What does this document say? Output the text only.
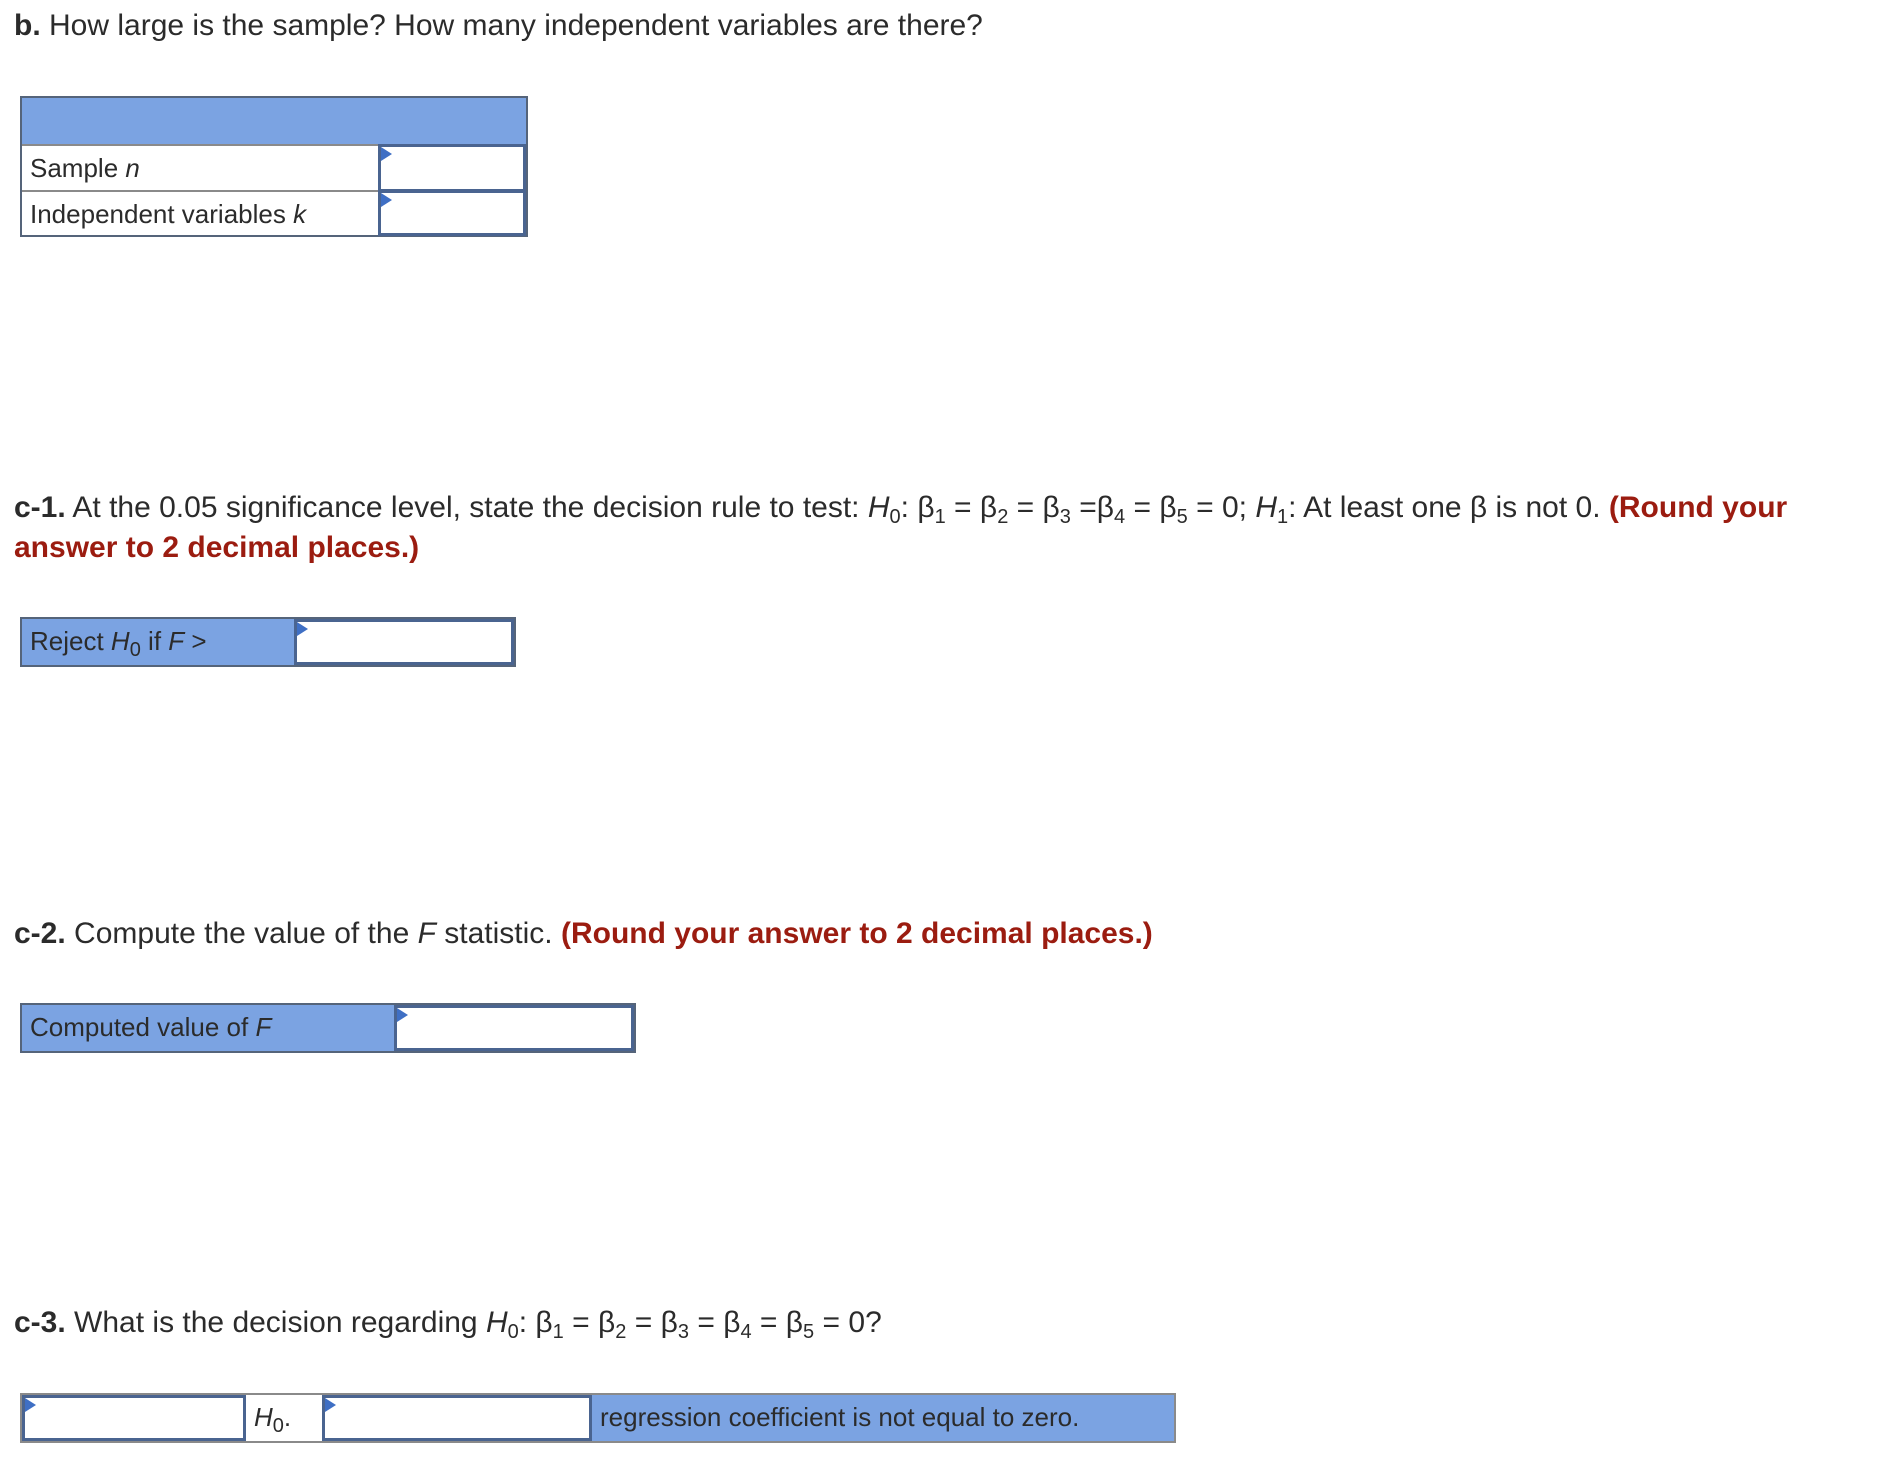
b. How large is the sample? How many independent variables are there?
Sample n
Independent variables k
c-1. At the 0.05 significance level, state the decision rule to test: $H_0$: $\beta_1 = \beta_2 = \beta_3 =\beta_4 = \beta_5 = 0$; $H_1$: At least one β is not 0. (Round your
answer to 2 decimal places.)
Reject $H_0$ if F >
c-2. Compute the value of the F statistic. (Round your answer to 2 decimal places.)
Computed value of F
c-3. What is the decision regarding $H_0$: $\beta_1 = \beta_2 = \beta_3 = \beta_4 = \beta_5 = 0$?
$H_0$.	regression coefficient is not equal to zero.
